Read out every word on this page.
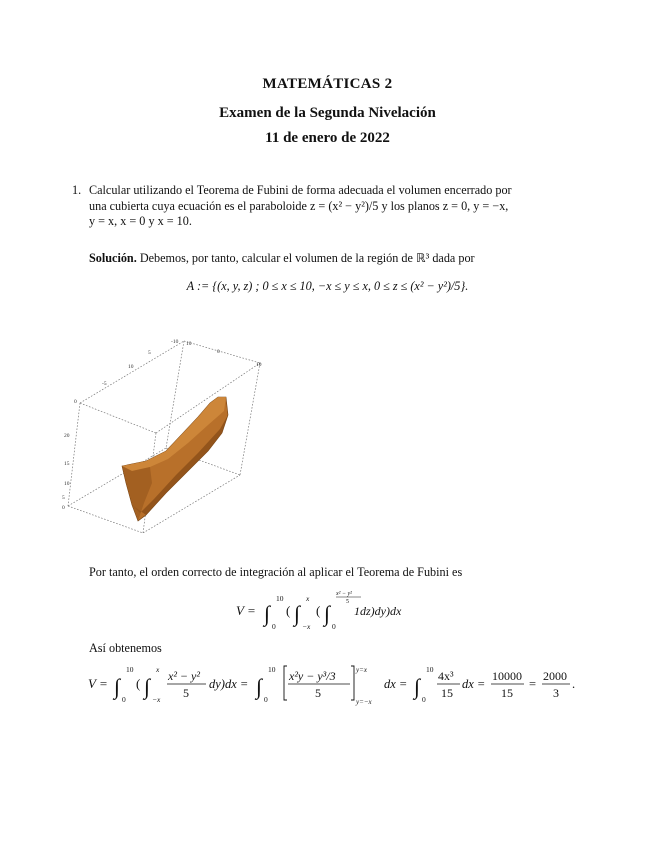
MATEMÁTICAS 2
Examen de la Segunda Nivelación
11 de enero de 2022
1. Calcular utilizando el Teorema de Fubini de forma adecuada el volumen encerrado por
una cubierta cuya ecuación es el paraboloide z = (x² − y²)/5 y los planos z = 0, y = −x,
y = x, x = 0 y x = 10.
Solución. Debemos, por tanto, calcular el volumen de la región de ℝ³ dada por
A := {(x, y, z) ; 0 ≤ x ≤ 10, −x ≤ y ≤ x, 0 ≤ z ≤ (x² − y²)/5}.
-10 10
10
0
5
10
-5
0
20
15
10
5
0
Por tanto, el orden correcto de integración al aplicar el Teorema de Fubini es
V = ∫
10
0
( ∫
x
−x
( ∫
x² − y²
5
0
1dz)dy)dx
Así obtenemos
V = ∫
10
0
( ∫
x
−x
x² − y²
5
dy)dx = ∫
10
0
x²y − y³/3
5
y=x
y=−x
dx = ∫
10
0
4x³
15
dx =
10000
15
=
2000
3
.
